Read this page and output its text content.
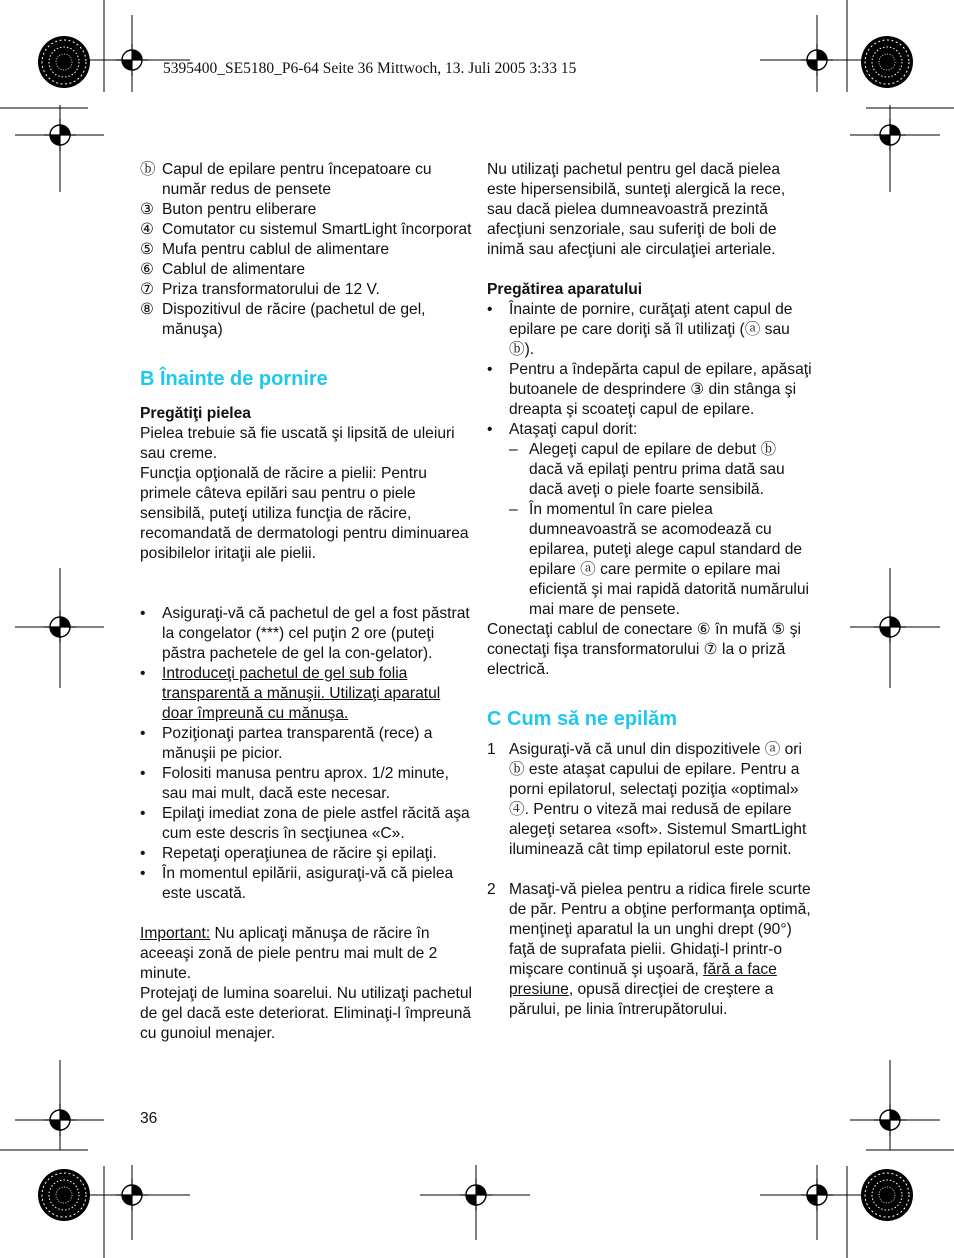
5395400_SE5180_P6-64 Seite 36 Mittwoch, 13. Juli 2005 3:33 15
ⓑ Capul de epilare pentru începatoare cu număr redus de pensete
③ Buton pentru eliberare
④ Comutator cu sistemul SmartLight încorporat
⑤ Mufa pentru cablul de alimentare
⑥ Cablul de alimentare
⑦ Priza transformatorului de 12 V.
⑧ Dispozitivul de răcire (pachetul de gel, mănuşa)
B Înainte de pornire
Pregătiţi pielea
Pielea trebuie să fie uscată şi lipsită de uleiuri sau creme.
Funcţia opţională de răcire a pielii: Pentru primele câteva epilări sau pentru o piele sensibilă, puteţi utiliza funcţia de răcire, recomandată de dermatologi pentru diminuarea posibilelor iritaţii ale pielii.
• Asiguraţi-vă că pachetul de gel a fost păstrat la congelator (***) cel puţin 2 ore (puteţi păstra pachetele de gel la con-gelator).
• Introduceţi pachetul de gel sub folia transparentă a mănuşii. Utilizaţi aparatul doar împreună cu mănuşa.
• Poziţionaţi partea transparentă (rece) a mănuşii pe picior.
• Folositi manusa pentru aprox. 1/2 minute, sau mai mult, dacă este necesar.
• Epilaţi imediat zona de piele astfel răcită aşa cum este descris în secţiunea «C».
• Repetaţi operaţiunea de răcire şi epilaţi.
• În momentul epilării, asiguraţi-vă că pielea este uscată.
Important: Nu aplicaţi mănuşa de răcire în aceeaşi zonă de piele pentru mai mult de 2 minute.
Protejaţi de lumina soarelui. Nu utilizaţi pachetul de gel dacă este deteriorat. Eliminaţi-l împreună cu gunoiul menajer.
Nu utilizaţi pachetul pentru gel dacă pielea este hipersensibilă, sunteţi alergică la rece, sau dacă pielea dumneavoastră prezintă afecţiuni senzoriale, sau suferiţi de boli de inimă sau afecţiuni ale circulaţiei arteriale.
Pregătirea aparatului
• Înainte de pornire, curăţaţi atent capul de epilare pe care doriţi să îl utilizaţi (ⓐ sau ⓑ).
• Pentru a îndepărta capul de epilare, apăsaţi butoanele de desprindere ③ din stânga şi dreapta şi scoateţi capul de epilare.
• Ataşaţi capul dorit:
– Alegeţi capul de epilare de debut ⓑ dacă vă epilaţi pentru prima dată sau dacă aveţi o piele foarte sensibilă.
– În momentul în care pielea dumneavoastră se acomodează cu epilarea, puteţi alege capul standard de epilare ⓐ care permite o epilare mai eficientă şi mai rapidă datorită numărului mai mare de pensete.
Conectaţi cablul de conectare ⑥ în mufă ⑤ şi conectaţi fişa transformatorului ⑦ la o priză electrică.
C Cum să ne epilăm
1 Asiguraţi-vă că unul din dispozitivele ⓐ ori ⓑ este ataşat capului de epilare. Pentru a porni epilatorul, selectaţi poziţia «optimal» ④. Pentru o viteză mai redusă de epilare alegeţi setarea «soft». Sistemul SmartLight iluminează cât timp epilatorul este pornit.
2 Masaţi-vă pielea pentru a ridica firele scurte de păr. Pentru a obţine performanţa optimă, menţineţi aparatul la un unghi drept (90°) faţă de suprafata pielii. Ghidaţi-l printr-o mişcare continuă şi uşoară, fără a face presiune, opusă direcţiei de creştere a părului, pe linia întrerupătorului.
36
